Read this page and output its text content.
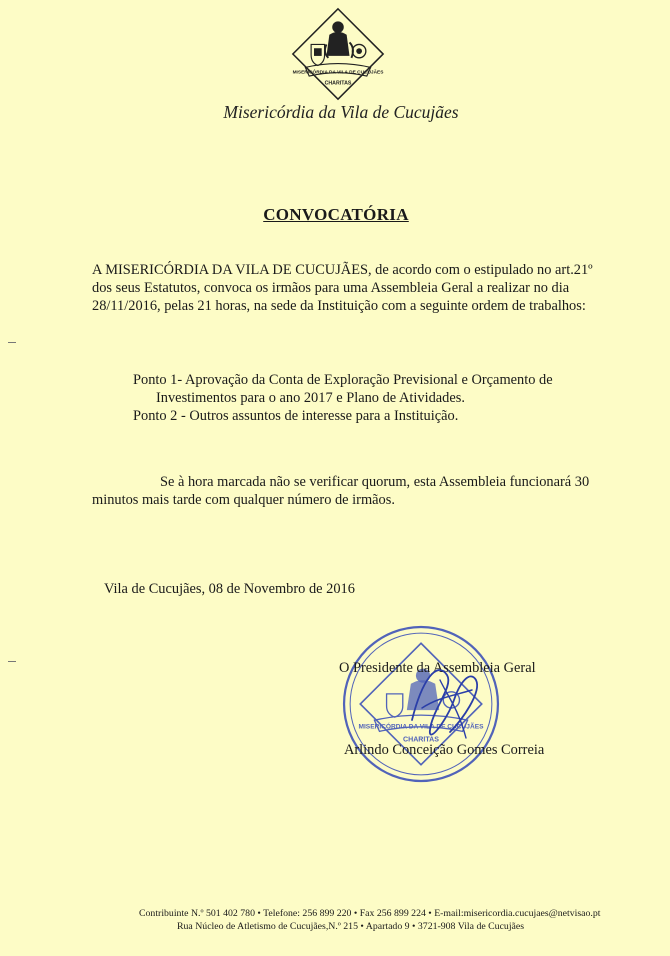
MISERICÓRDIA DA VILA DE CUCUJÃES
CHARITAS
Misericórdia da Vila de Cucujães
CONVOCATÓRIA
A MISERICÓRDIA DA VILA DE CUCUJÃES, de acordo com o estipulado no art.21º
dos seus Estatutos, convoca os irmãos para uma Assembleia Geral a realizar no dia
28/11/2016, pelas 21 horas, na sede da Instituição com a seguinte ordem de trabalhos:
Ponto 1- Aprovação da Conta de Exploração Previsional e Orçamento de
Investimentos para o ano 2017 e Plano de Atividades.
Ponto 2 - Outros assuntos de interesse para a Instituição.
Se à hora marcada não se verificar quorum, esta Assembleia funcionará 30
minutos mais tarde com qualquer número de irmãos.
Vila de Cucujães, 08 de Novembro de 2016
MISERICÓRDIA DA VILA DE CUCUJÃES
CHARITAS
O Presidente da Assembleia Geral
Arlindo Conceição Gomes Correia
Contribuinte N.º 501 402 780 • Telefone: 256 899 220 • Fax 256 899 224 • E-mail:misericordia.cucujaes@netvisao.pt
Rua Núcleo de Atletismo de Cucujães,N.º 215 • Apartado 9 • 3721-908 Vila de Cucujães
